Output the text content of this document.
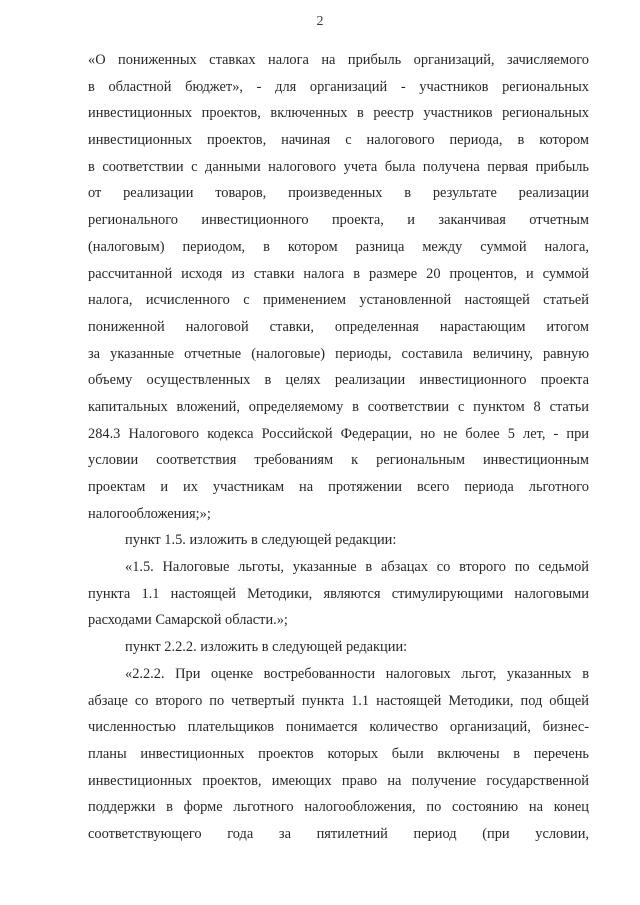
2
«О пониженных ставках налога на прибыль организаций, зачисляемого
в областной бюджет», - для организаций - участников региональных
инвестиционных проектов, включенных в реестр участников региональных
инвестиционных проектов, начиная с налогового периода, в котором
в соответствии с данными налогового учета была получена первая прибыль
от реализации товаров, произведенных в результате реализации
регионального инвестиционного проекта, и заканчивая отчетным
(налоговым) периодом, в котором разница между суммой налога,
рассчитанной исходя из ставки налога в размере 20 процентов, и суммой
налога, исчисленного с применением установленной настоящей статьей
пониженной налоговой ставки, определенная нарастающим итогом
за указанные отчетные (налоговые) периоды, составила величину, равную
объему осуществленных в целях реализации инвестиционного проекта
капитальных вложений, определяемому в соответствии с пунктом 8 статьи
284.3 Налогового кодекса Российской Федерации, но не более 5 лет, - при
условии соответствия требованиям к региональным инвестиционным
проектам и их участникам на протяжении всего периода льготного
налогообложения;»;
пункт 1.5. изложить в следующей редакции:
«1.5. Налоговые льготы, указанные в абзацах со второго по седьмой
пункта 1.1 настоящей Методики, являются стимулирующими налоговыми
расходами Самарской области.»;
пункт 2.2.2. изложить в следующей редакции:
«2.2.2. При оценке востребованности налоговых льгот, указанных в
абзаце со второго по четвертый пункта 1.1 настоящей Методики, под общей
численностью плательщиков понимается количество организаций, бизнес-
планы инвестиционных проектов которых были включены в перечень
инвестиционных проектов, имеющих право на получение государственной
поддержки в форме льготного налогообложения, по состоянию на конец
соответствующего года за пятилетний период (при условии,
